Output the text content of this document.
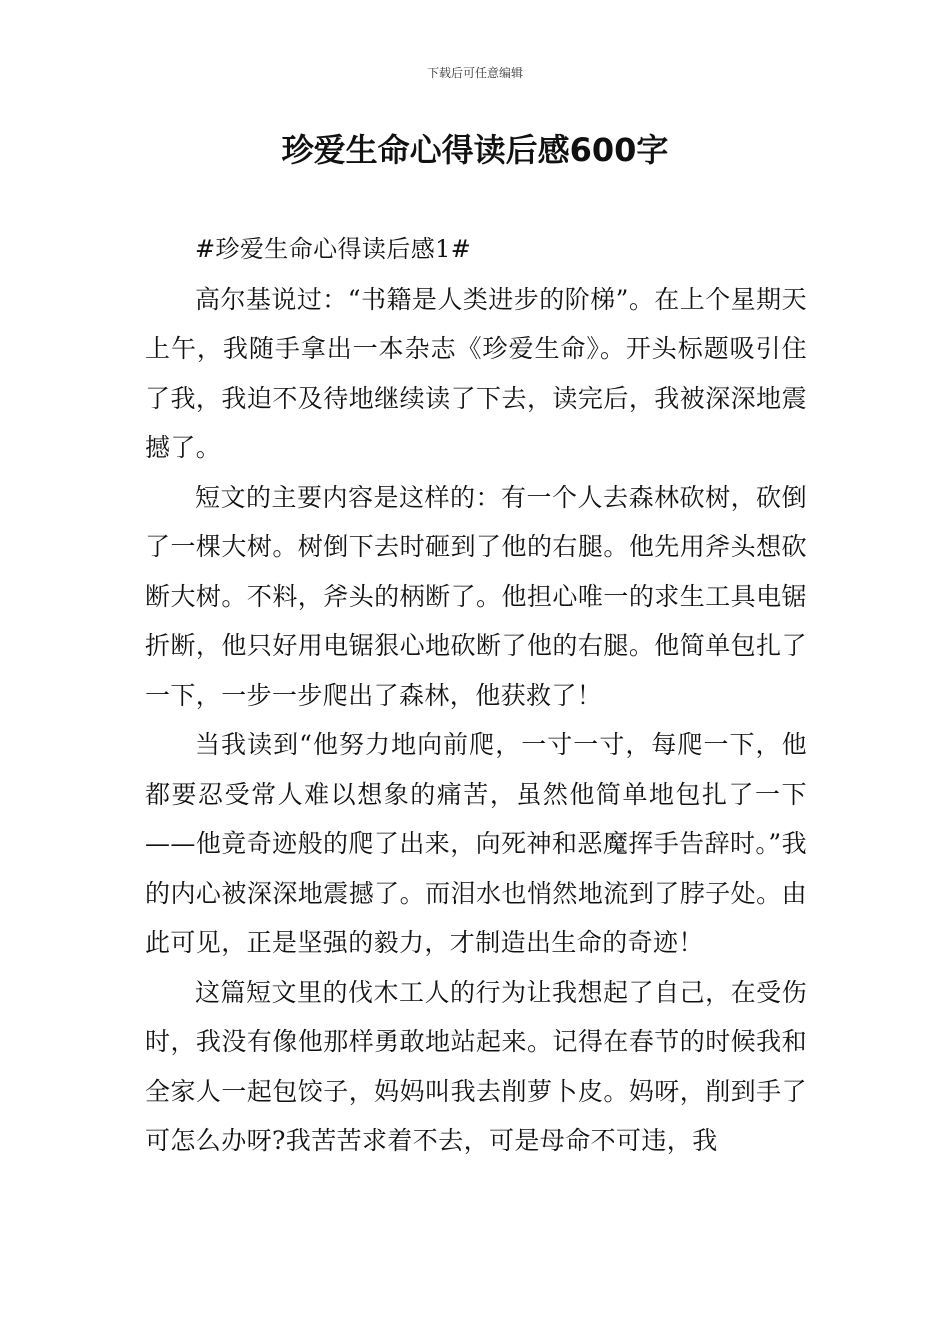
下载后可任意编辑
珍爱生命心得读后感600字

#珍爱生命心得读后感1#

高尔基说过：“书籍是人类进步的阶梯”。在上个星期天上午，我随手拿出一本杂志《珍爱生命》。开头标题吸引住了我，我迫不及待地继续读了下去，读完后，我被深深地震撼了。

短文的主要内容是这样的：有一个人去森林砍树，砍倒了一棵大树。树倒下去时砸到了他的右腿。他先用斧头想砍断大树。不料，斧头的柄断了。他担心唯一的求生工具电锯折断，他只好用电锯狠心地砍断了他的右腿。他简单包扎了一下，一步一步爬出了森林，他获救了！

当我读到“他努力地向前爬，一寸一寸，每爬一下，他都要忍受常人难以想象的痛苦，虽然他简单地包扎了一下——他竟奇迹般的爬了出来，向死神和恶魔挥手告辞时。”我的内心被深深地震撼了。而泪水也悄然地流到了脖子处。由此可见，正是坚强的毅力，才制造出生命的奇迹！

这篇短文里的伐木工人的行为让我想起了自己，在受伤时，我没有像他那样勇敢地站起来。记得在春节的时候我和全家人一起包饺子，妈妈叫我去削萝卜皮。妈呀，削到手了可怎么办呀?我苦苦求着不去，可是母命不可违，我
